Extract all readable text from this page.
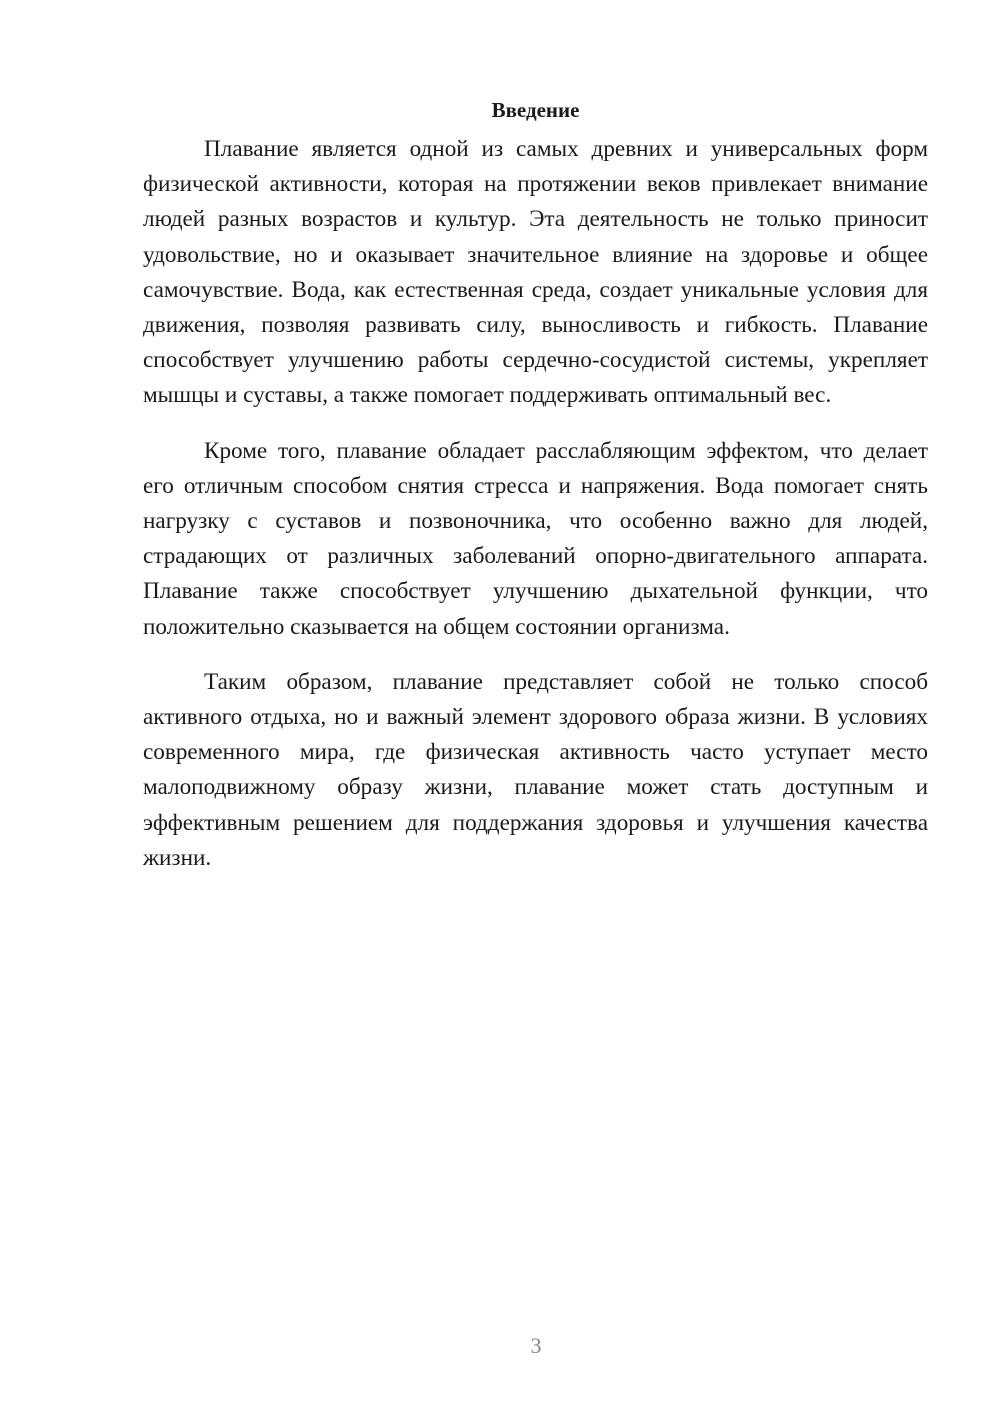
Введение

Плавание является одной из самых древних и универсальных форм физической активности, которая на протяжении веков привлекает внимание людей разных возрастов и культур. Эта деятельность не только приносит удовольствие, но и оказывает значительное влияние на здоровье и общее самочувствие. Вода, как естественная среда, создает уникальные условия для движения, позволяя развивать силу, выносливость и гибкость. Плавание способствует улучшению работы сердечно-сосудистой системы, укрепляет мышцы и суставы, а также помогает поддерживать оптимальный вес.

Кроме того, плавание обладает расслабляющим эффектом, что делает его отличным способом снятия стресса и напряжения. Вода помогает снять нагрузку с суставов и позвоночника, что особенно важно для людей, страдающих от различных заболеваний опорно-двигательного аппарата. Плавание также способствует улучшению дыхательной функции, что положительно сказывается на общем состоянии организма.

Таким образом, плавание представляет собой не только способ активного отдыха, но и важный элемент здорового образа жизни. В условиях современного мира, где физическая активность часто уступает место малоподвижному образу жизни, плавание может стать доступным и эффективным решением для поддержания здоровья и улучшения качества жизни.

3
